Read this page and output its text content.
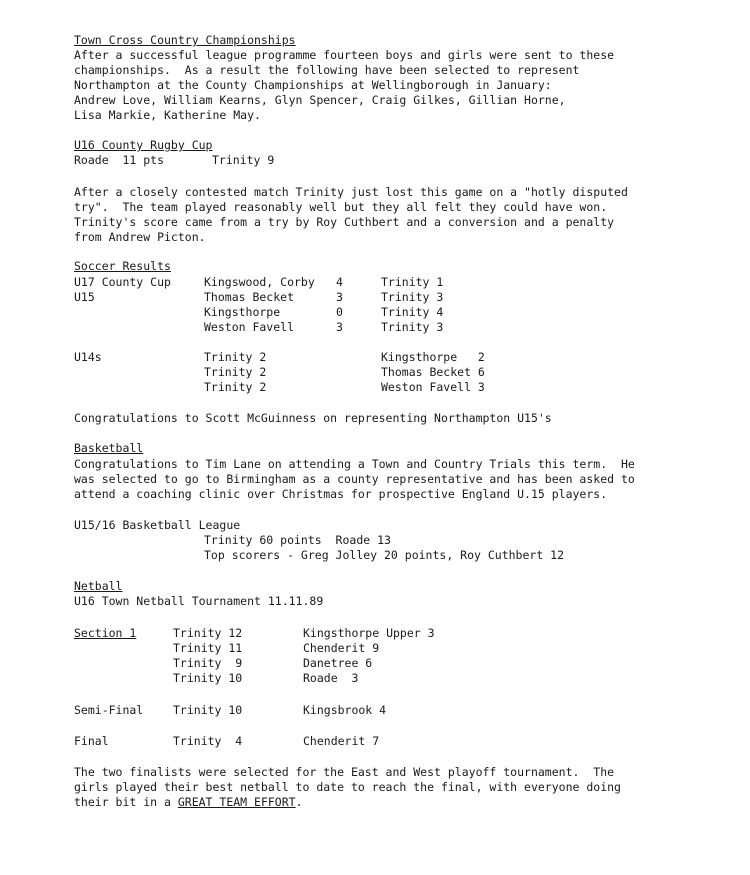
Town Cross Country Championships
After a successful league programme fourteen boys and girls were sent to these
championships.  As a result the following have been selected to represent
Northampton at the County Championships at Wellingborough in January:
Andrew Love, William Kearns, Glyn Spencer, Craig Gilkes, Gillian Horne,
Lisa Markie, Katherine May.
U16 County Rugby Cup
Roade  11 pts	Trinity 9
After a closely contested match Trinity just lost this game on a "hotly disputed
try".  The team played reasonably well but they all felt they could have won.
Trinity's score came from a try by Roy Cuthbert and a conversion and a penalty
from Andrew Picton.
Soccer Results
U17 County Cup	Kingswood, Corby 4	Trinity 1
U15	Thomas Becket	3	Trinity 3
Kingsthorpe	0	Trinity 4
Weston Favell	3	Trinity 3
U14s	Trinity 2	Kingsthorpe   2
Trinity 2	Thomas Becket 6
Trinity 2	Weston Favell 3
Congratulations to Scott McGuinness on representing Northampton U15's
Basketball
Congratulations to Tim Lane on attending a Town and Country Trials this term.  He
was selected to go to Birmingham as a county representative and has been asked to
attend a coaching clinic over Christmas for prospective England U.15 players.
U15/16 Basketball League
Trinity 60 points  Roade 13
Top scorers - Greg Jolley 20 points, Roy Cuthbert 12
Netball
U16 Town Netball Tournament 11.11.89
Section 1	Trinity 12	Kingsthorpe Upper 3
Trinity 11	Chenderit 9
Trinity  9	Danetree 6
Trinity 10	Roade  3
Semi-Final	Trinity 10	Kingsbrook 4
Final	Trinity  4	Chenderit 7
The two finalists were selected for the East and West playoff tournament.  The
girls played their best netball to date to reach the final, with everyone doing
their bit in a GREAT TEAM EFFORT.
